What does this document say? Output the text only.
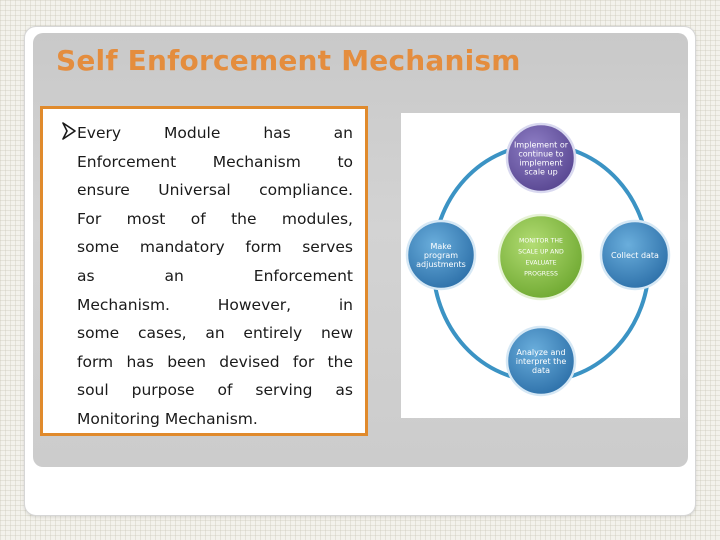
Self Enforcement Mechanism
Every Module has an
Enforcement Mechanism to
ensure Universal compliance.
For most of the modules,
some mandatory form serves
as an Enforcement
Mechanism. However, in
some cases, an entirely new
form has been devised for the
soul purpose of serving as
Monitoring Mechanism.
Implement or
continue to
implement
scale up
Make
program
adjustments
Collect data
Analyze and
interpret the
data
MONITOR THE
SCALE UP AND
EVALUATE
PROGRESS
